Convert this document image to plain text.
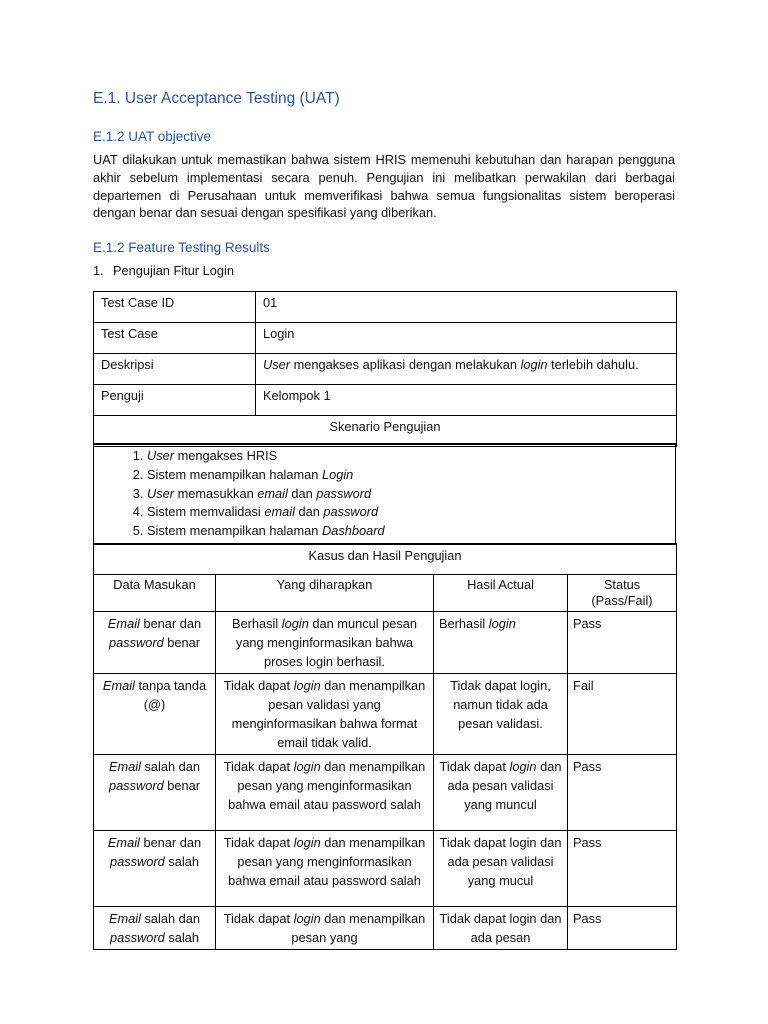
E.1. User Acceptance Testing (UAT)
E.1.2 UAT objective
UAT dilakukan untuk memastikan bahwa sistem HRIS memenuhi kebutuhan dan harapan pengguna akhir sebelum implementasi secara penuh. Pengujian ini melibatkan perwakilan dari berbagai departemen di Perusahaan untuk memverifikasi bahwa semua fungsionalitas sistem beroperasi dengan benar dan sesuai dengan spesifikasi yang diberikan.
E.1.2 Feature Testing Results
1. Pengujian Fitur Login
Test Case ID	01
Test Case	Login
Deskripsi	User mengakses aplikasi dengan melakukan login terlebih dahulu.
Penguji	Kelompok 1
Skenario Pengujian	
1. User mengakses HRIS
2. Sistem menampilkan halaman Login
3. User memasukkan email dan password
4. Sistem memvalidasi email dan password
5. Sistem menampilkan halaman Dashboard
Kasus dan Hasil Pengujian			
Data Masukan	Yang diharapkan	Hasil Actual	Status (Pass/Fail)
Email benar dan
password benar	Berhasil login dan muncul pesan yang menginformasikan bahwa proses login berhasil.	Berhasil login	Pass
Email tanpa tanda (@)	Tidak dapat login dan menampilkan pesan validasi yang menginformasikan bahwa format email tidak valid.	Tidak dapat login, namun tidak ada pesan validasi.	Fail
Email salah dan
password benar	Tidak dapat login dan menampilkan pesan yang menginformasikan bahwa email atau password salah	Tidak dapat login dan ada pesan validasi yang muncul	Pass
Email benar dan
password salah	Tidak dapat login dan menampilkan pesan yang menginformasikan bahwa email atau password salah	Tidak dapat login dan ada pesan validasi yang mucul	Pass
Email salah dan
password salah	Tidak dapat login dan menampilkan pesan yang	Tidak dapat login dan ada pesan	Pass
